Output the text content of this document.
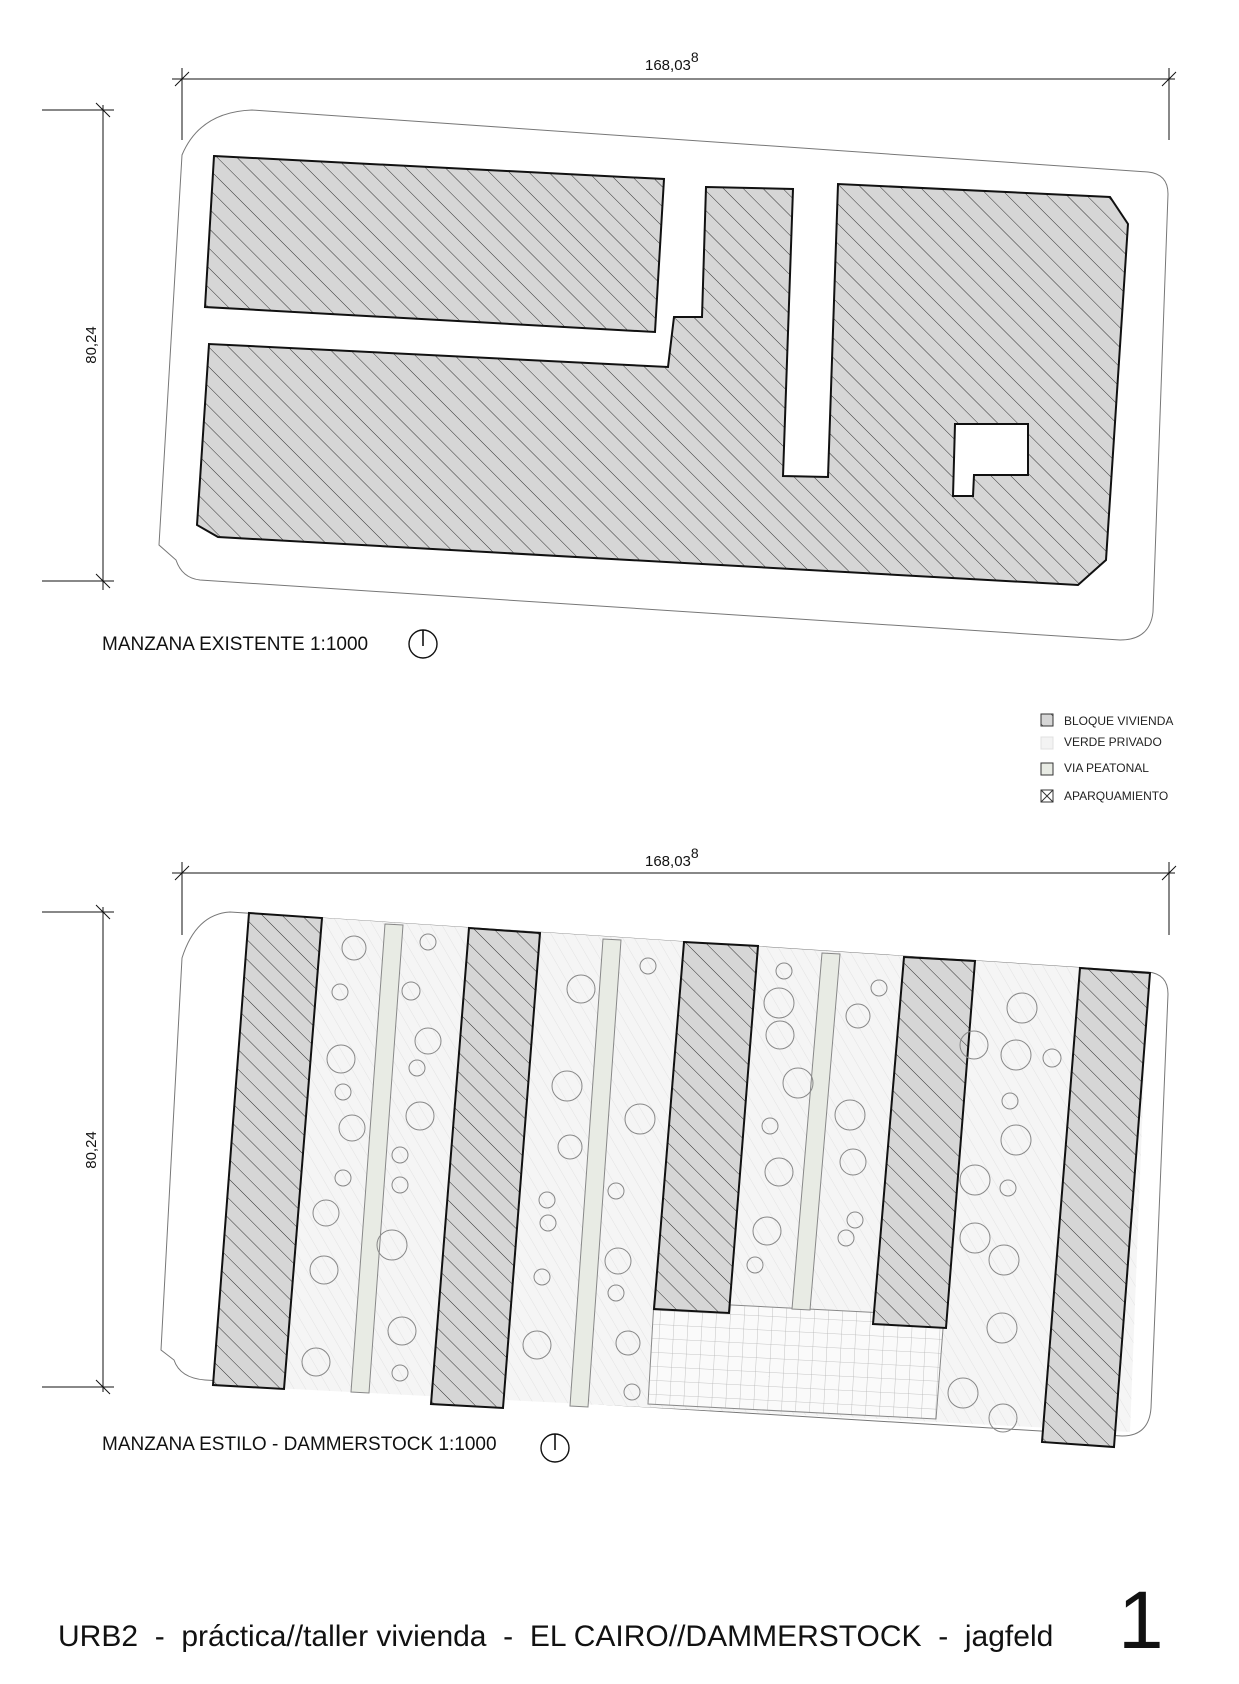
168,038
80,24
MANZANA EXISTENTE 1:1000
BLOQUE VIVIENDA
VERDE PRIVADO
VIA PEATONAL
APARQUAMIENTO
168,038
80,24
MANZANA ESTILO - DAMMERSTOCK 1:1000
URB2  -  práctica//taller vivienda  -  EL CAIRO//DAMMERSTOCK  -  jagfeld 1
